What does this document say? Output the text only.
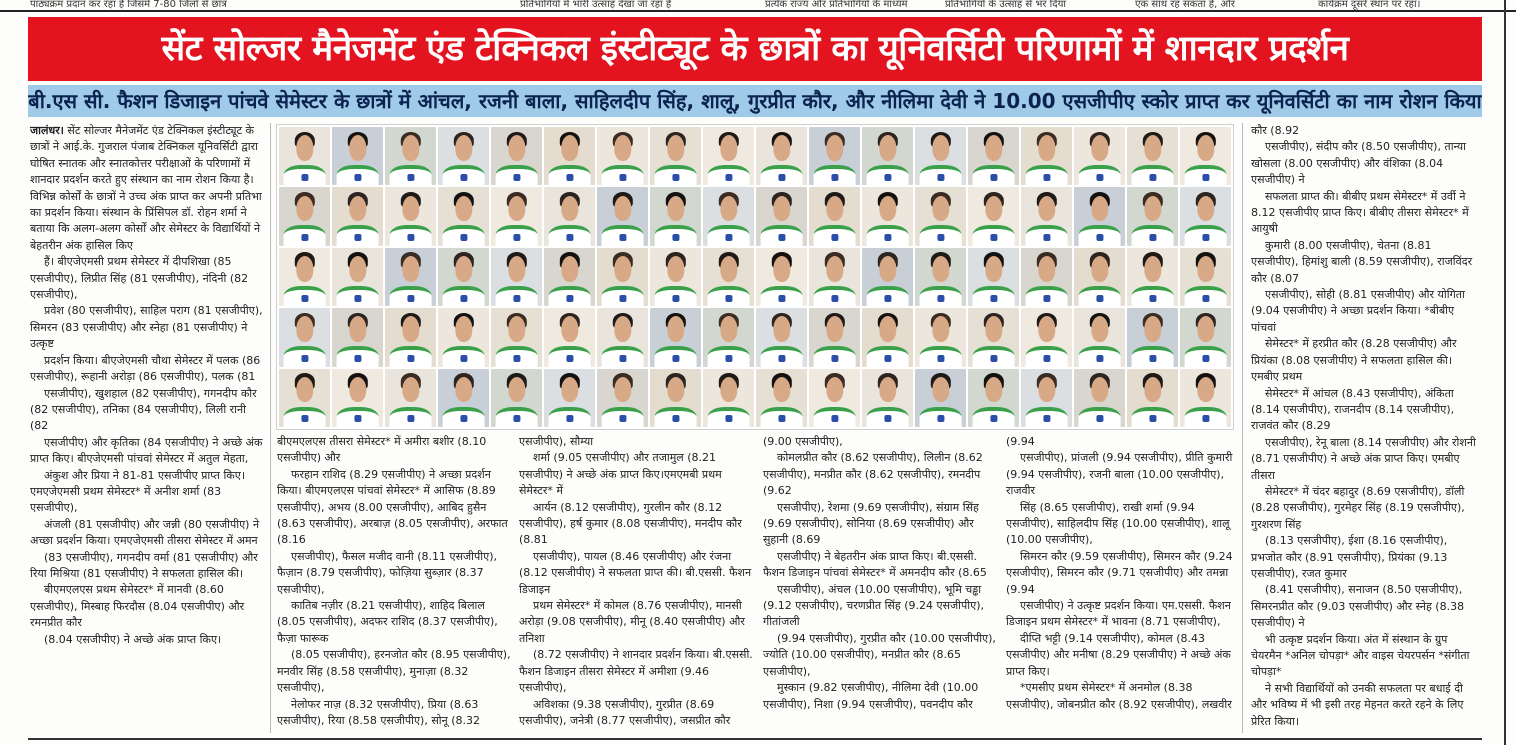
पाठ्यक्रम प्रदान कर रहा है जिसमें 7-80 जिलों से छात्र	प्रतिभागियों में भारी उत्साह देखा जा रहा है	प्रत्येक राज्य और प्रतिभागियों के माध्यम	प्रतिभागियों के उत्साह से भर दिया	एक साथ रह सकता है, और	कार्यक्रम दूसरे स्थान पर रहा।
सेंट सोल्जर मैनेजमेंट एंड टेक्निकल इंस्टीट्यूट के छात्रों का यूनिवर्सिटी परिणामों में शानदार प्रदर्शन
बी.एस सी. फैशन डिजाइन पांचवे सेमेस्टर के छात्रों में आंचल, रजनी बाला, साहिलदीप सिंह, शालू, गुरप्रीत कौर, और नीलिमा देवी ने 10.00 एसजीपीए स्कोर प्राप्त कर यूनिवर्सिटी का नाम रोशन किया

जालंधर। सेंट सोल्जर मैनेजमेंट एंड टेक्निकल इंस्टीट्यूट के छात्रों ने आई.के. गुजराल पंजाब टेक्निकल यूनिवर्सिटी द्वारा घोषित स्नातक और स्नातकोत्तर परीक्षाओं के परिणामों में शानदार प्रदर्शन करते हुए संस्थान का नाम रोशन किया है। विभिन्न कोर्सों के छात्रों ने उच्च अंक प्राप्त कर अपनी प्रतिभा का प्रदर्शन किया। संस्थान के प्रिंसिपल डॉ. रोहन शर्मा ने बताया कि अलग-अलग कोर्सों और सेमेस्टर के विद्यार्थियों ने बेहतरीन अंक हासिल किए

हैं। बीएजेएमसी प्रथम सेमेस्टर में दीपशिखा (85 एसजीपीए), लिप्रीत सिंह (81 एसजीपीए), नंदिनी (82 एसजीपीए),

प्रवेश (80 एसजीपीए), साहिल पराग (81 एसजीपीए), सिमरन (83 एसजीपीए) और स्नेहा (81 एसजीपीए) ने उत्कृष्ट

प्रदर्शन किया। बीएजेएमसी चौथा सेमेस्टर में पलक (86 एसजीपीए), रूहानी अरोड़ा (86 एसजीपीए), पलक (81

एसजीपीए), खुशहाल (82 एसजीपीए), गगनदीप कौर (82 एसजीपीए), तनिका (84 एसजीपीए), लिली रानी (82

एसजीपीए) और कृतिका (84 एसजीपीए) ने अच्छे अंक प्राप्त किए। बीएजेएमसी पांचवां सेमेस्टर में अतुल मेहता,

अंकुश और प्रिया ने 81-81 एसजीपीए प्राप्त किए। एमएजेएमसी प्रथम सेमेस्टर* में अनीश शर्मा (83 एसजीपीए),

अंजली (81 एसजीपीए) और जन्नी (80 एसजीपीए) ने अच्छा प्रदर्शन किया। एमएजेएमसी तीसरा सेमेस्टर में अमन

(83 एसजीपीए), गगनदीप वर्मा (81 एसजीपीए) और रिया मिश्रिया (81 एसजीपीए) ने सफलता हासिल की।

बीएमएलएस प्रथम सेमेस्टर* में मानवी (8.60 एसजीपीए), मिस्बाह फिरदौस (8.04 एसजीपीए) और रमनप्रीत कौर

(8.04 एसजीपीए) ने अच्छे अंक प्राप्त किए।

बीएमएलएस तीसरा सेमेस्टर* में अमीरा बशीर (8.10 एसजीपीए) और

फरहान राशिद (8.29 एसजीपीए) ने अच्छा प्रदर्शन किया। बीएमएलएस पांचवां सेमेस्टर* में आसिफ (8.89 एसजीपीए), अभय (8.00 एसजीपीए), आबिद हुसैन (8.63 एसजीपीए), अरबाज़ (8.05 एसजीपीए), अरफात (8.16

एसजीपीए), फैसल मजीद वानी (8.11 एसजीपीए), फैज़ान (8.79 एसजीपीए), फोज़िया सुब्ज़ार (8.37 एसजीपीए),

कातिब नज़ीर (8.21 एसजीपीए), शाहिद बिलाल (8.05 एसजीपीए), अदफर राशिद (8.37 एसजीपीए), फैज़ा फारूक

(8.05 एसजीपीए), हरनजोत कौर (8.95 एसजीपीए), मनवीर सिंह (8.58 एसजीपीए), मुनाज़ा (8.32 एसजीपीए),

नेलोफर नाज़ (8.32 एसजीपीए), प्रिया (8.63 एसजीपीए), रिया (8.58 एसजीपीए), सोनू (8.32

एसजीपीए), सौम्या

शर्मा (9.05 एसजीपीए) और तजामुल (8.21 एसजीपीए) ने अच्छे अंक प्राप्त किए।एमएमबी प्रथम सेमेस्टर* में

आर्यन (8.12 एसजीपीए), गुरलीन कौर (8.12 एसजीपीए), हर्ष कुमार (8.08 एसजीपीए), मनदीप कौर (8.81

एसजीपीए), पायल (8.46 एसजीपीए) और रंजना (8.12 एसजीपीए) ने सफलता प्राप्त की। बी.एससी. फैशन डिजाइन

प्रथम सेमेस्टर* में कोमल (8.76 एसजीपीए), मानसी अरोड़ा (9.08 एसजीपीए), मीनू (8.40 एसजीपीए) और तनिशा

(8.72 एसजीपीए) ने शानदार प्रदर्शन किया। बी.एससी. फैशन डिजाइन तीसरा सेमेस्टर में अमीशा (9.46 एसजीपीए),

अविशका (9.38 एसजीपीए), गुरप्रीत (8.69 एसजीपीए), जनेत्री (8.77 एसजीपीए), जसप्रीत कौर

(9.00 एसजीपीए),

कोमलप्रीत कौर (8.62 एसजीपीए), लिलीन (8.62 एसजीपीए), मनप्रीत कौर (8.62 एसजीपीए), रमनदीप (9.62

एसजीपीए), रेशमा (9.69 एसजीपीए), संग्राम सिंह (9.69 एसजीपीए), सोनिया (8.69 एसजीपीए) और सुहानी (8.69

एसजीपीए) ने बेहतरीन अंक प्राप्त किए। बी.एससी. फैशन डिजाइन पांचवां सेमेस्टर* में अमनदीप कौर (8.65

एसजीपीए), अंचल (10.00 एसजीपीए), भूमि चड्ढा (9.12 एसजीपीए), चरणप्रीत सिंह (9.24 एसजीपीए), गीतांजली

(9.94 एसजीपीए), गुरप्रीत कौर (10.00 एसजीपीए), ज्योति (10.00 एसजीपीए), मनप्रीत कौर (8.65 एसजीपीए),

मुस्कान (9.82 एसजीपीए), नीलिमा देवी (10.00 एसजीपीए), निशा (9.94 एसजीपीए), पवनदीप कौर

(9.94

एसजीपीए), प्रांजली (9.94 एसजीपीए), प्रीति कुमारी (9.94 एसजीपीए), रजनी बाला (10.00 एसजीपीए), राजवीर

सिंह (8.65 एसजीपीए), राखी शर्मा (9.94 एसजीपीए), साहिलदीप सिंह (10.00 एसजीपीए), शालू (10.00 एसजीपीए),

सिमरन कौर (9.59 एसजीपीए), सिमरन कौर (9.24 एसजीपीए), सिमरन कौर (9.71 एसजीपीए) और तमन्ना (9.94

एसजीपीए) ने उत्कृष्ट प्रदर्शन किया। एम.एससी. फैशन डिजाइन प्रथम सेमेस्टर* में भावना (8.71 एसजीपीए),

दीप्ति भट्टी (9.14 एसजीपीए), कोमल (8.43 एसजीपीए) और मनीषा (8.29 एसजीपीए) ने अच्छे अंक प्राप्त किए।

*एमसीए प्रथम सेमेस्टर* में अनमोल (8.38 एसजीपीए), जोबनप्रीत कौर (8.92 एसजीपीए), लखवीर

कौर (8.92

एसजीपीए), संदीप कौर (8.50 एसजीपीए), तान्या खोसला (8.00 एसजीपीए) और वंशिका (8.04 एसजीपीए) ने

सफलता प्राप्त की। बीबीए प्रथम सेमेस्टर* में उर्वी ने 8.12 एसजीपीए प्राप्त किए। बीबीए तीसरा सेमेस्टर* में आयुषी

कुमारी (8.00 एसजीपीए), चेतना (8.81 एसजीपीए), हिमांशु बाली (8.59 एसजीपीए), राजविंदर कौर (8.07

एसजीपीए), सोही (8.81 एसजीपीए) और योगिता (9.04 एसजीपीए) ने अच्छा प्रदर्शन किया। *बीबीए पांचवां

सेमेस्टर* में हरप्रीत कौर (8.28 एसजीपीए) और प्रियंका (8.08 एसजीपीए) ने सफलता हासिल की। एमबीए प्रथम

सेमेस्टर* में आंचल (8.43 एसजीपीए), अंकिता (8.14 एसजीपीए), राजनदीप (8.14 एसजीपीए), राजवंत कौर (8.29

एसजीपीए), रेनू बाला (8.14 एसजीपीए) और रोशनी (8.71 एसजीपीए) ने अच्छे अंक प्राप्त किए। एमबीए तीसरा

सेमेस्टर* में चंदर बहादुर (8.69 एसजीपीए), डॉली (8.28 एसजीपीए), गुरमेहर सिंह (8.19 एसजीपीए), गुरशरण सिंह

(8.13 एसजीपीए), ईशा (8.16 एसजीपीए), प्रभजोत कौर (8.91 एसजीपीए), प्रियंका (9.13 एसजीपीए), रजत कुमार

(8.41 एसजीपीए), सनाजन (8.50 एसजीपीए), सिमरनप्रीत कौर (9.03 एसजीपीए) और स्नेह (8.38 एसजीपीए) ने

भी उत्कृष्ट प्रदर्शन किया। अंत में संस्थान के ग्रुप चेयरमैन *अनिल चोपड़ा* और वाइस चेयरपर्सन *संगीता चोपड़ा*

ने सभी विद्यार्थियों को उनकी सफलता पर बधाई दी और भविष्य में भी इसी तरह मेहनत करते रहने के लिए प्रेरित किया।
